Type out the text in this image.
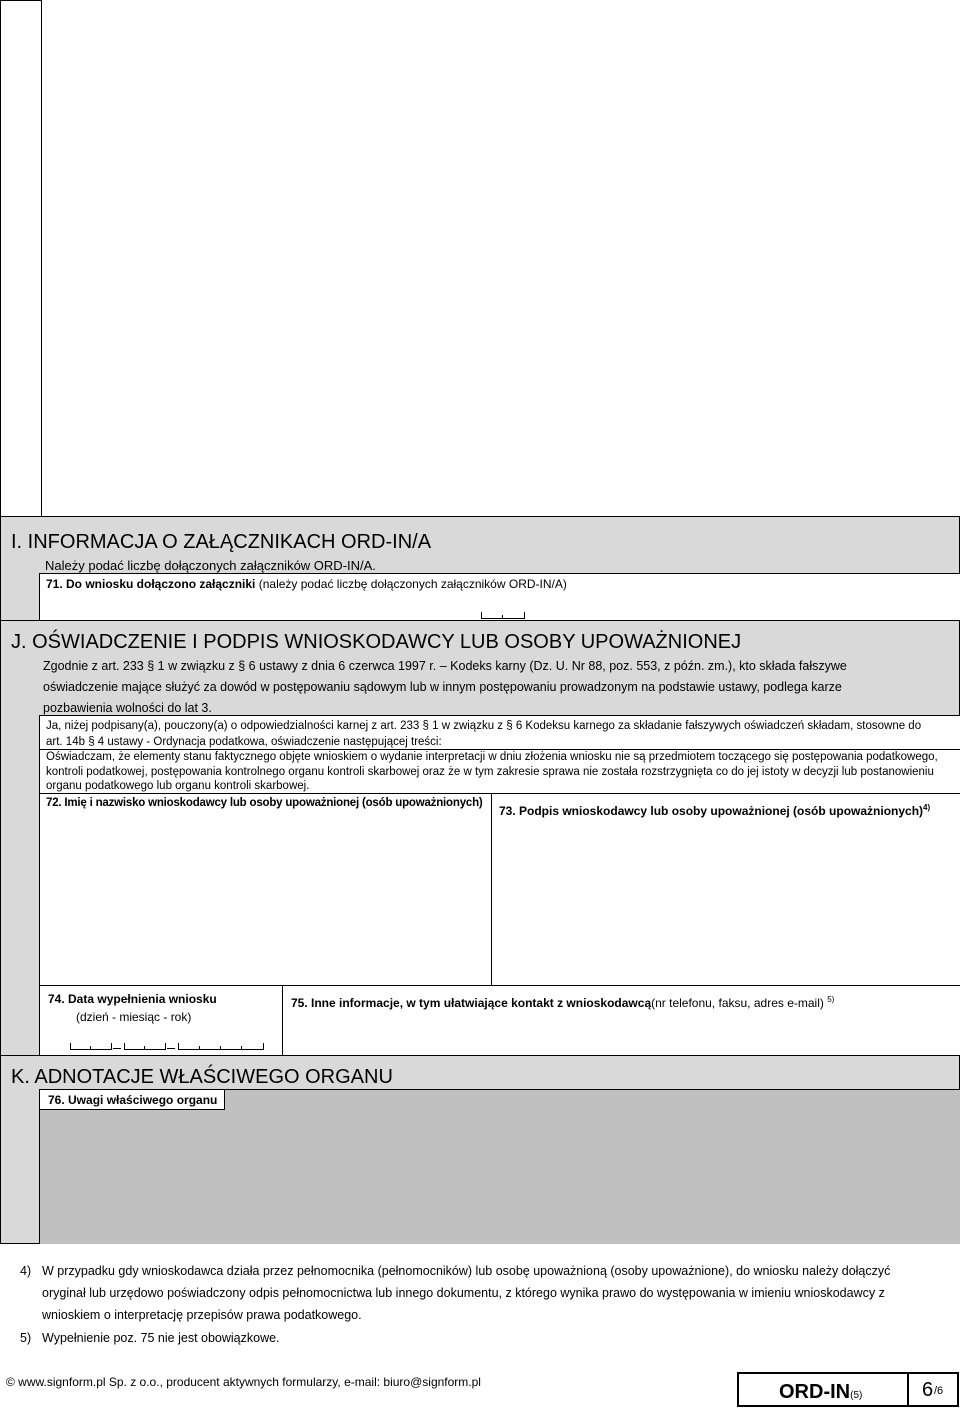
I. INFORMACJA O ZAŁĄCZNIKACH ORD-IN/A
Należy podać liczbę dołączonych załączników ORD-IN/A.
71. Do wniosku dołączono załączniki (należy podać liczbę dołączonych załączników ORD-IN/A)
J. OŚWIADCZENIE I PODPIS WNIOSKODAWCY LUB OSOBY UPOWAŻNIONEJ
Zgodnie z art. 233 § 1 w związku z § 6 ustawy z dnia 6 czerwca 1997 r. – Kodeks karny (Dz. U. Nr 88, poz. 553, z późn. zm.), kto składa fałszywe oświadczenie mające służyć za dowód w postępowaniu sądowym lub w innym postępowaniu prowadzonym na podstawie ustawy, podlega karze pozbawienia wolności do lat 3.
Ja, niżej podpisany(a), pouczony(a) o odpowiedzialności karnej z art. 233 § 1 w związku z § 6 Kodeksu karnego za składanie fałszywych oświadczeń składam, stosowne do art. 14b § 4 ustawy - Ordynacja podatkowa, oświadczenie następującej treści:
Oświadczam, że elementy stanu faktycznego objęte wnioskiem o wydanie interpretacji w dniu złożenia wniosku nie są przedmiotem toczącego się postępowania podatkowego, kontroli podatkowej, postępowania kontrolnego organu kontroli skarbowej oraz że w tym zakresie sprawa nie została rozstrzygnięta co do jej istoty w decyzji lub postanowieniu organu podatkowego lub organu kontroli skarbowej.
72. Imię i nazwisko wnioskodawcy lub osoby upoważnionej (osób upoważnionych)
73. Podpis wnioskodawcy lub osoby upoważnionej (osób upoważnionych)$^{4)}$
74. Data wypełnienia wniosku
(dzień - miesiąc - rok)
75. Inne informacje, w tym ułatwiające kontakt z wnioskodawcą(nr telefonu, faksu, adres e-mail) $^{5)}$
K. ADNOTACJE WŁAŚCIWEGO ORGANU
76. Uwagi właściwego organu
4) W przypadku gdy wnioskodawca działa przez pełnomocnika (pełnomocników) lub osobę upoważnioną (osoby upoważnione), do wniosku należy dołączyć oryginał lub urzędowo poświadczony odpis pełnomocnictwa lub innego dokumentu, z którego wynika prawo do występowania w imieniu wnioskodawcy z wnioskiem o interpretację przepisów prawa podatkowego.
5) Wypełnienie poz. 75 nie jest obowiązkowe.
© www.signform.pl Sp. z o.o., producent aktywnych formularzy, e-mail: biuro@signform.pl	ORD-IN(5)	6 /6
